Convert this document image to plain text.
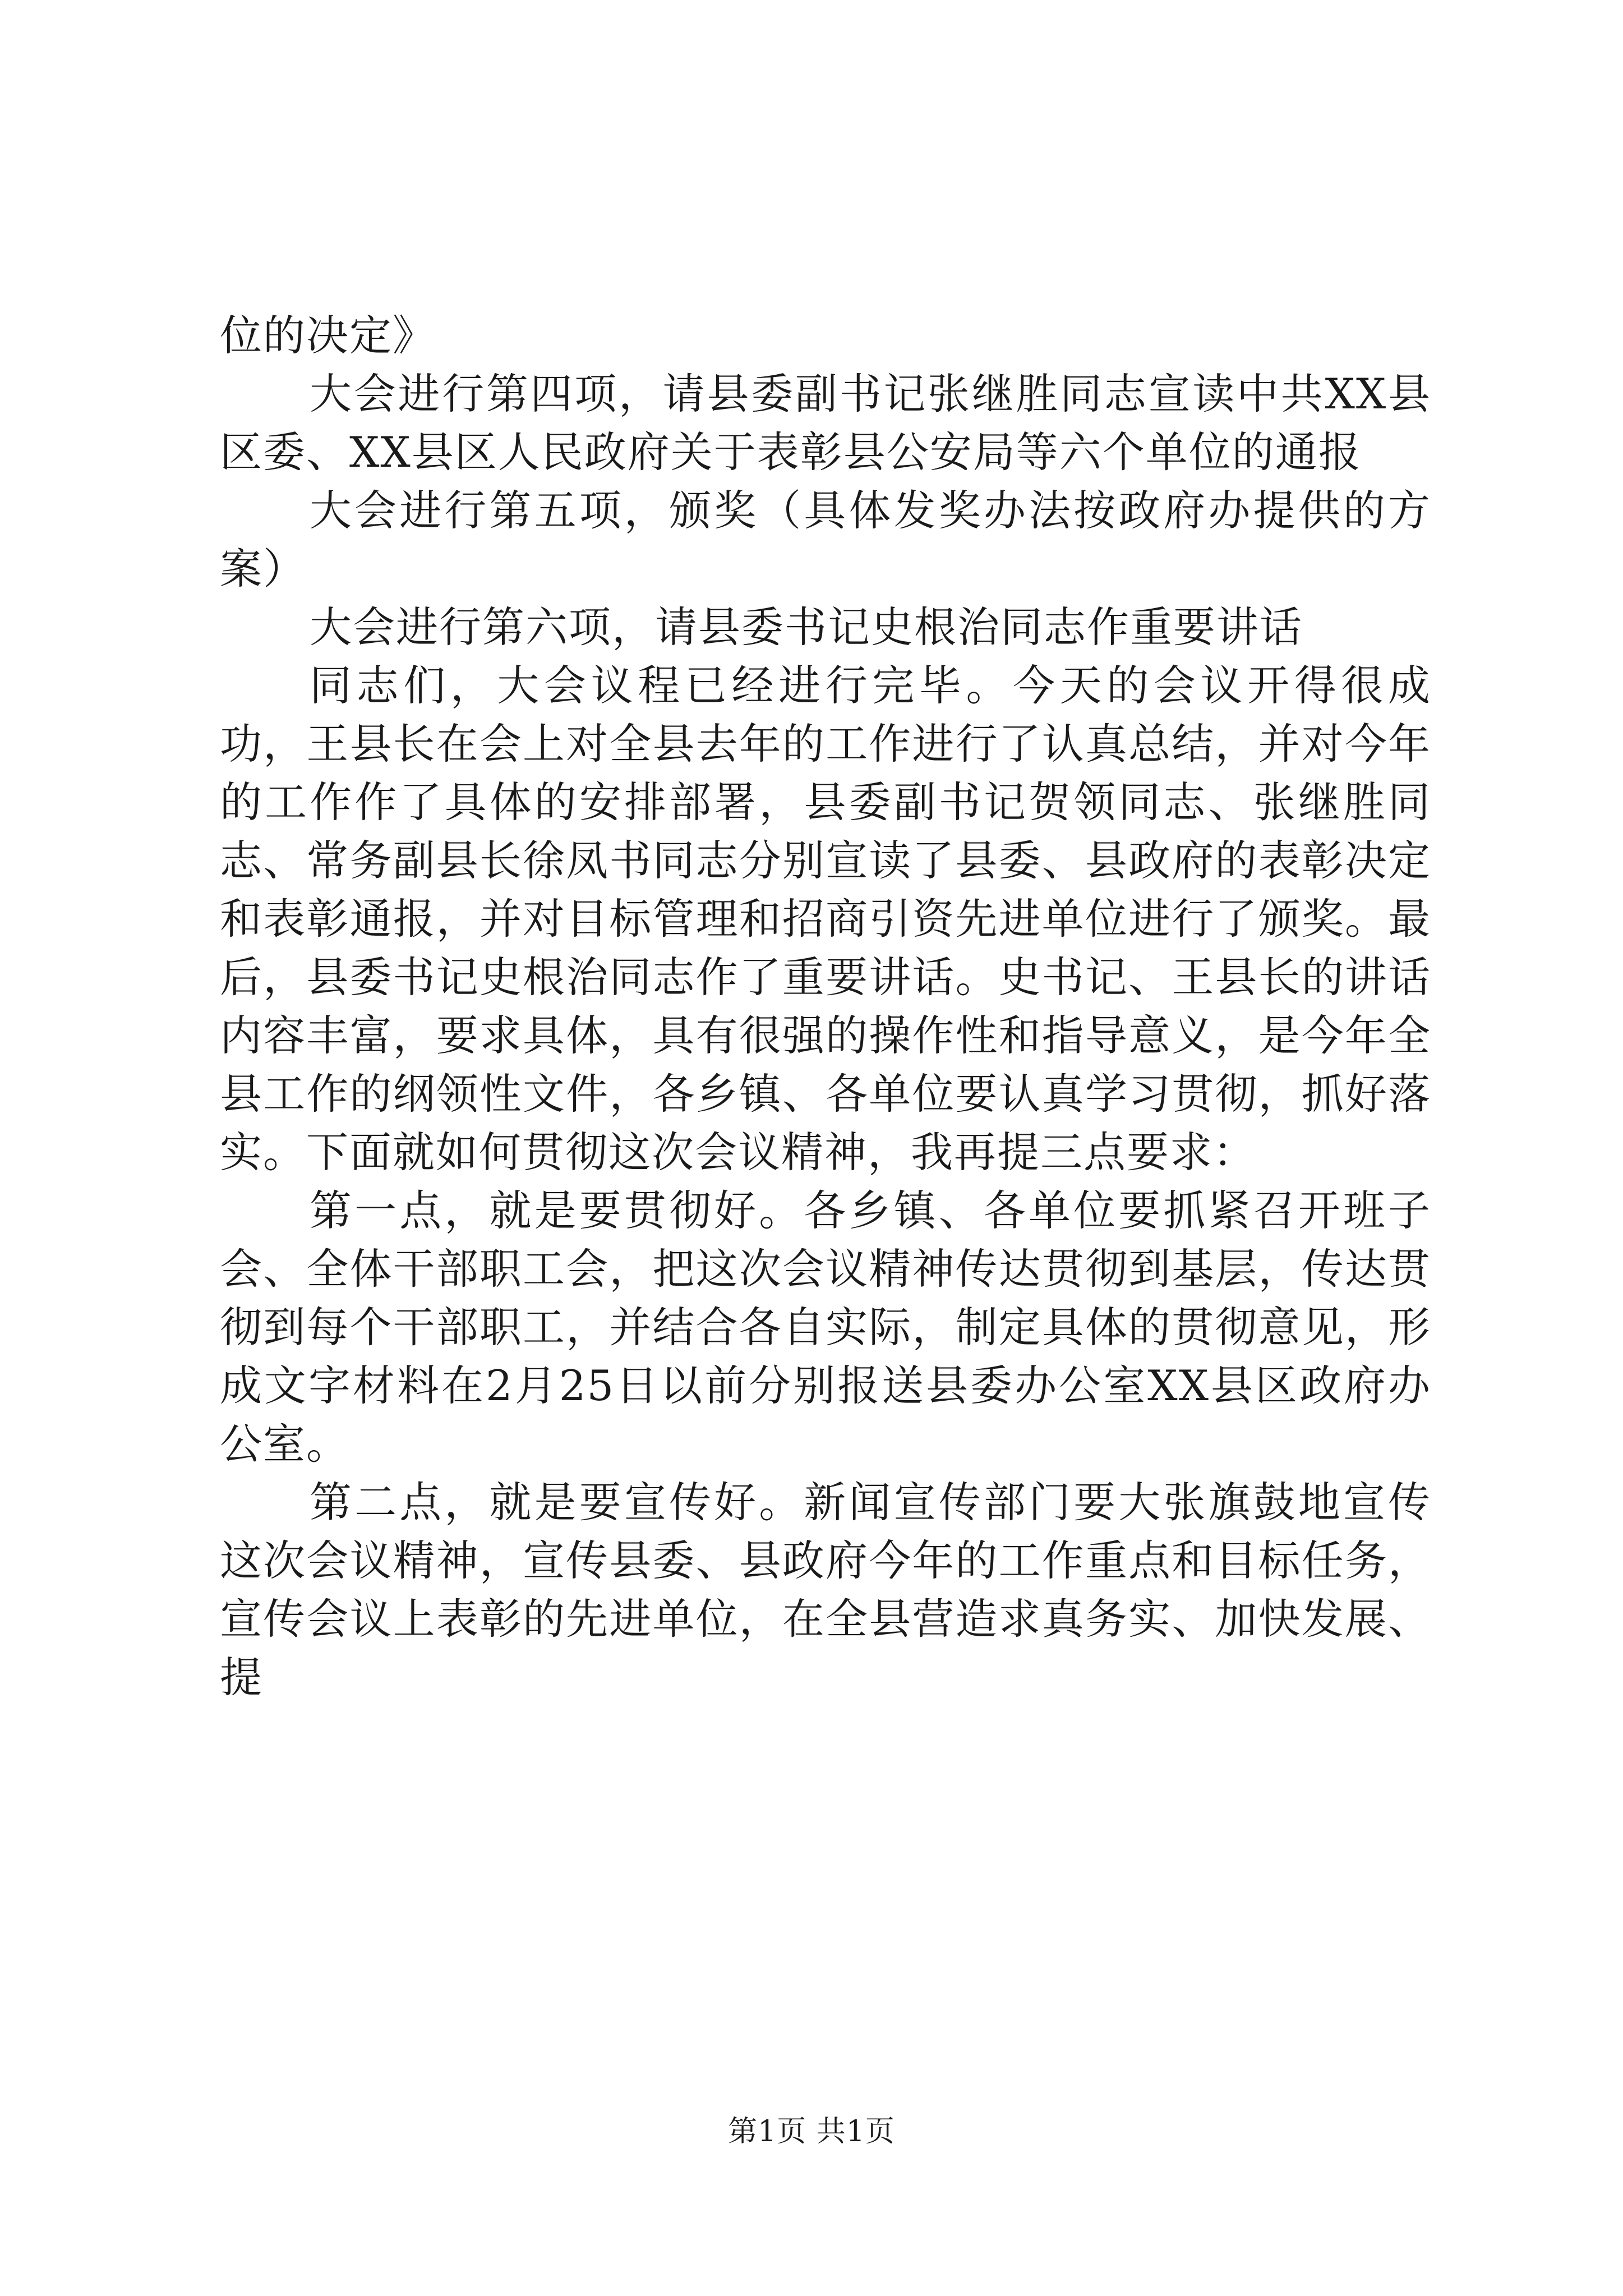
位的决定》

大会进行第四项，请县委副书记张继胜同志宣读中共XX县区委、XX县区人民政府关于表彰县公安局等六个单位的通报

大会进行第五项，颁奖（具体发奖办法按政府办提供的方案）

大会进行第六项，请县委书记史根治同志作重要讲话

同志们，大会议程已经进行完毕。今天的会议开得很成功，王县长在会上对全县去年的工作进行了认真总结，并对今年的工作作了具体的安排部署，县委副书记贺领同志、张继胜同志、常务副县长徐凤书同志分别宣读了县委、县政府的表彰决定和表彰通报，并对目标管理和招商引资先进单位进行了颁奖。最后，县委书记史根治同志作了重要讲话。史书记、王县长的讲话内容丰富，要求具体，具有很强的操作性和指导意义，是今年全县工作的纲领性文件，各乡镇、各单位要认真学习贯彻，抓好落实。下面就如何贯彻这次会议精神，我再提三点要求：

第一点，就是要贯彻好。各乡镇、各单位要抓紧召开班子会、全体干部职工会，把这次会议精神传达贯彻到基层，传达贯彻到每个干部职工，并结合各自实际，制定具体的贯彻意见，形成文字材料在2月25日以前分别报送县委办公室XX县区政府办公室。

第二点，就是要宣传好。新闻宣传部门要大张旗鼓地宣传这次会议精神，宣传县委、县政府今年的工作重点和目标任务，宣传会议上表彰的先进单位，在全县营造求真务实、加快发展、提

第1页 共1页
